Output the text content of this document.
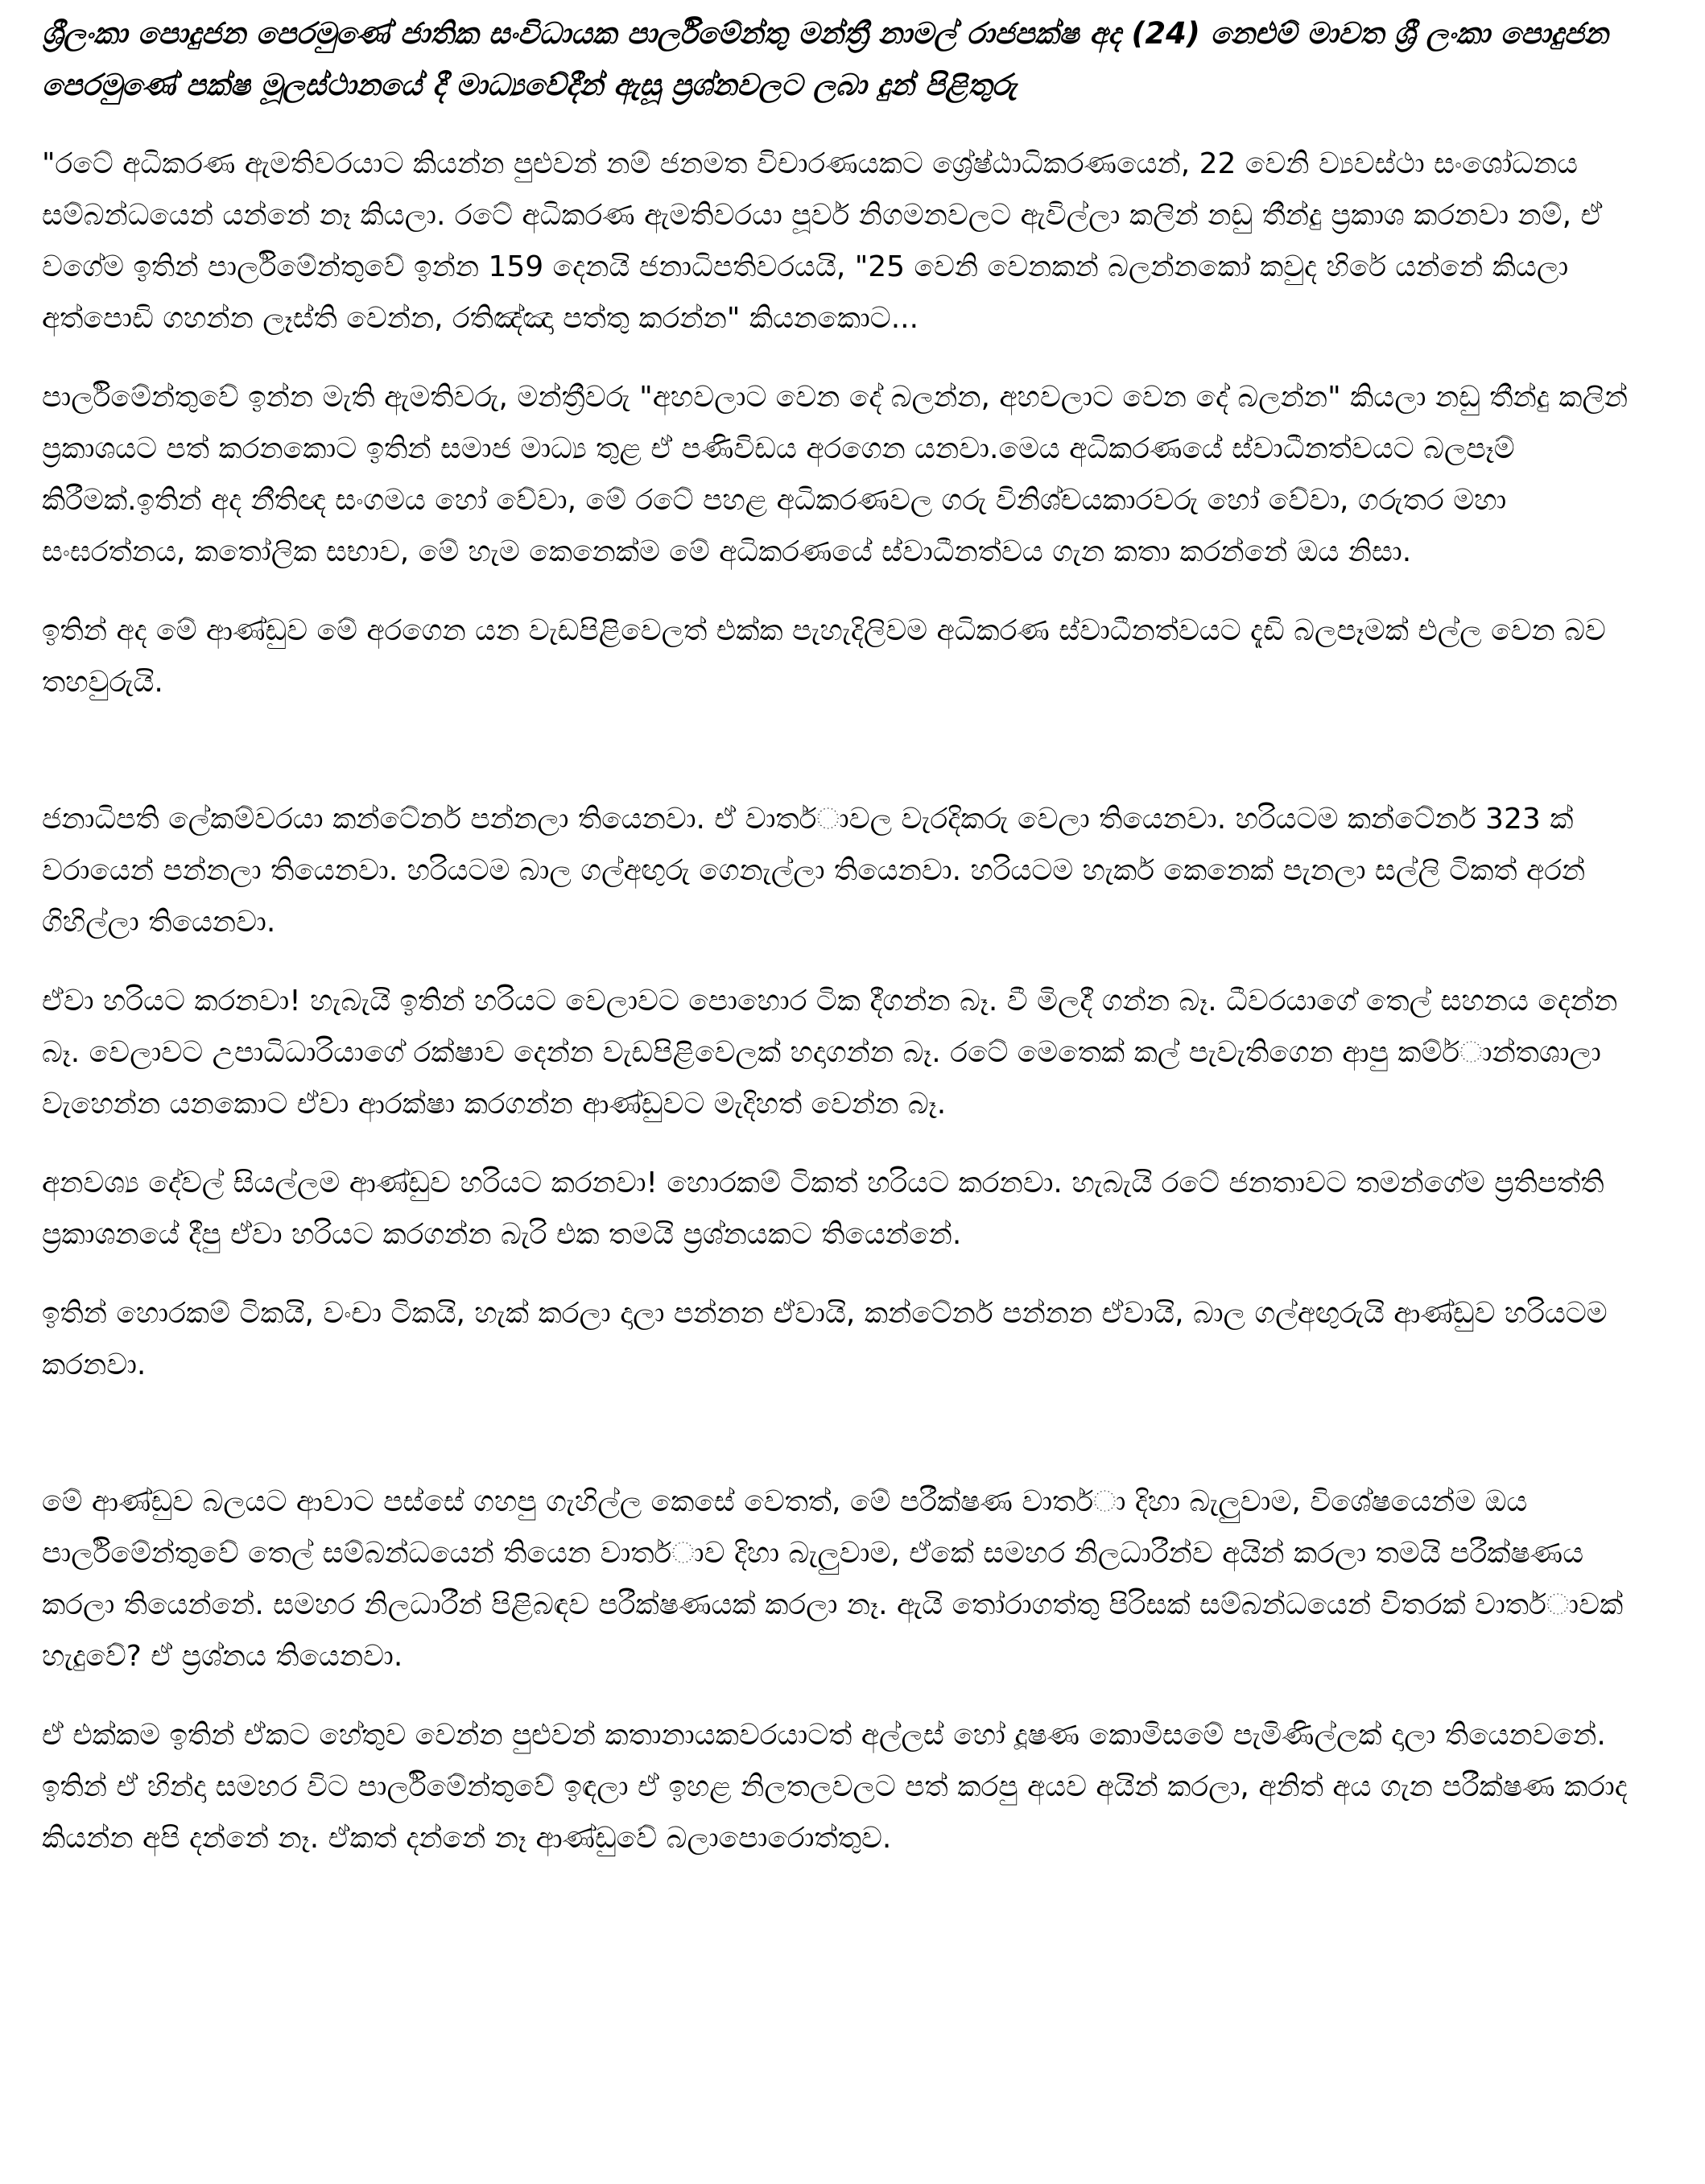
ශ්‍රීලංකා පොදුජන පෙරමුණේ ජාතික සංවිධායක පාර්ලිමේන්තු මන්ත්‍රී නාමල් රාජපක්ෂ අද (24) නෙළුම් මාවත ශ්‍රී ලංකා පොදුජන පෙරමුණේ පක්ෂ මූලස්ථානයේ දී මාධ්‍යවේදීන් ඇසූ ප්‍රශ්නවලට ලබා දුන් පිළිතුරු

"රටේ අධිකරණ ඇමතිවරයාට කියන්න පුළුවන් නම් ජනමත විචාරණයකට ශ්‍රේෂ්ඨාධිකරණයෙන්, 22 වෙනි ව්‍යවස්ථා සංශෝධනය සම්බන්ධයෙන් යන්නේ නෑ කියලා. රටේ අධිකරණ ඇමතිවරයා පූර්ව නිගමනවලට ඇවිල්ලා කලින් නඩු තීන්දු ප්‍රකාශ කරනවා නම්, ඒ වගේම ඉතින් පාර්ලිමේන්තුවේ ඉන්න 159 දෙනයි ජනාධිපතිවරයයි, "25 වෙනි වෙනකන් බලන්නකෝ කවුද හිරේ යන්නේ කියලා අත්පොඩි ගහන්න ලෑස්ති වෙන්න, රතිඤ්ඤා පත්තු කරන්න" කියනකොට...

පාර්ලිමේන්තුවේ ඉන්න මැති ඇමතිවරු, මන්ත්‍රීවරු "අහවලාට වෙන දේ බලන්න, අහවලාට වෙන දේ බලන්න" කියලා නඩු තීන්දු කලින් ප්‍රකාශයට පත් කරනකොට ඉතින් සමාජ මාධ්‍ය තුළ ඒ පණිවිඩය අරගෙන යනවා.මෙය අධිකරණයේ ස්වාධීනත්වයට බලපෑම් කිරීමක්.ඉතින් අද නීතිඥ සංගමය හෝ වේවා, මේ රටේ පහළ අධිකරණවල ගරු විනිශ්චයකාරවරු හෝ වේවා, ගරුතර මහා සංඝරත්නය, කතෝලික සභාව, මේ හැම කෙනෙක්ම මේ අධිකරණයේ ස්වාධීනත්වය ගැන කතා කරන්නේ ඔය නිසා.

ඉතින් අද මේ ආණ්ඩුව මේ අරගෙන යන වැඩපිළිවෙලත් එක්ක පැහැදිලිවම අධිකරණ ස්වාධීනත්වයට දැඩි බලපෑමක් එල්ල වෙන බව තහවුරුයි.

ජනාධිපති ලේකම්වරයා කන්ටේනර් පන්නලා තියෙනවා. ඒ වාතර්ාවල වැරදිකරු වෙලා තියෙනවා. හරියටම කන්ටේනර් 323 ක් වරායෙන් පන්නලා තියෙනවා. හරියටම බාල ගල්අඟුරු ගෙනැල්ලා තියෙනවා. හරියටම හැකර් කෙනෙක් පැනලා සල්ලි ටිකත් අරන් ගිහිල්ලා තියෙනවා.

ඒවා හරියට කරනවා! හැබැයි ඉතින් හරියට වෙලාවට පොහොර ටික දීගන්න බෑ. වී මිලදී ගන්න බෑ. ධීවරයාගේ තෙල් සහනය දෙන්න බෑ. වෙලාවට උපාධිධාරියාගේ රක්ෂාව දෙන්න වැඩපිළිවෙලක් හදාගන්න බෑ. රටේ මෙතෙක් කල් පැවැතිගෙන ආපු කම්ර්ාන්තශාලා වැහෙන්න යනකොට ඒවා ආරක්ෂා කරගන්න ආණ්ඩුවට මැදිහත් වෙන්න බෑ.

අනවශ්‍ය දේවල් සියල්ලම ආණ්ඩුව හරියට කරනවා! හොරකම් ටිකත් හරියට කරනවා. හැබැයි රටේ ජනතාවට තමන්ගේම ප්‍රතිපත්ති ප්‍රකාශනයේ දීපු ඒවා හරියට කරගන්න බැරි එක තමයි ප්‍රශ්නයකට තියෙන්නේ.

ඉතින් හොරකම් ටිකයි, වංචා ටිකයි, හැක් කරලා දාලා පන්නන ඒවායි, කන්ටේනර් පන්නන ඒවායි, බාල ගල්අඟුරුයි ආණ්ඩුව හරියටම කරනවා.

මේ ආණ්ඩුව බලයට ආවාට පස්සේ ගහපු ගැහිල්ල කෙසේ වෙතත්, මේ පරීක්ෂණ වාතර්ා දිහා බැලුවාම, විශේෂයෙන්ම ඔය පාර්ලිමේන්තුවේ තෙල් සම්බන්ධයෙන් තියෙන වාතර්ාව දිහා බැලුවාම, ඒකේ සමහර නිලධාරීන්ව අයින් කරලා තමයි පරීක්ෂණය කරලා තියෙන්නේ. සමහර නිලධාරීන් පිළිබඳව පරීක්ෂණයක් කරලා නෑ. ඇයි තෝරාගත්තු පිරිසක් සම්බන්ධයෙන් විතරක් වාතර්ාවක් හැදුවේ? ඒ ප්‍රශ්නය තියෙනවා.

ඒ එක්කම ඉතින් ඒකට හේතුව වෙන්න පුළුවන් කතානායකවරයාටත් අල්ලස් හෝ දූෂණ කොමිසමේ පැමිණිල්ලක් දාලා තියෙනවනේ. ඉතින් ඒ හින්දා සමහර විට පාර්ලිමේන්තුවේ ඉඳලා ඒ ඉහළ නිලතලවලට පත් කරපු අයව අයින් කරලා, අනිත් අය ගැන පරීක්ෂණ කරාද කියන්න අපි දන්නේ නෑ. ඒකත් දන්නේ නෑ ආණ්ඩුවේ බලාපොරොත්තුව.
